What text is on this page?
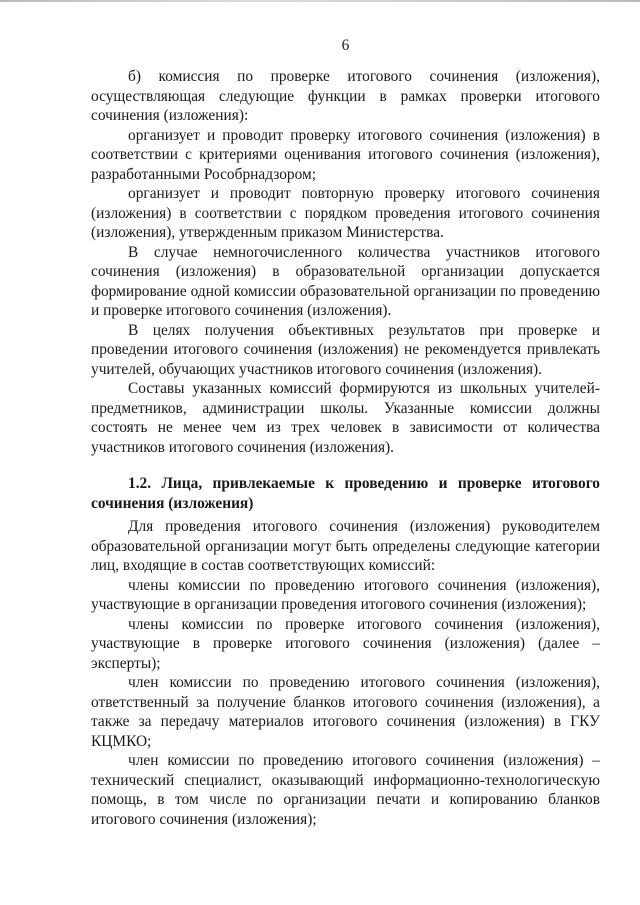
6

б) комиссия по проверке итогового сочинения (изложения), осуществляющая следующие функции в рамках проверки итогового сочинения (изложения):

организует и проводит проверку итогового сочинения (изложения) в соответствии с критериями оценивания итогового сочинения (изложения), разработанными Рособрнадзором;

организует и проводит повторную проверку итогового сочинения (изложения) в соответствии с порядком проведения итогового сочинения (изложения), утвержденным приказом Министерства.

В случае немногочисленного количества участников итогового сочинения (изложения) в образовательной организации допускается формирование одной комиссии образовательной организации по проведению и проверке итогового сочинения (изложения).

В целях получения объективных результатов при проверке и проведении итогового сочинения (изложения) не рекомендуется привлекать учителей, обучающих участников итогового сочинения (изложения).

Составы указанных комиссий формируются из школьных учителей-предметников, администрации школы. Указанные комиссии должны состоять не менее чем из трех человек в зависимости от количества участников итогового сочинения (изложения).

1.2. Лица, привлекаемые к проведению и проверке итогового сочинения (изложения)

Для проведения итогового сочинения (изложения) руководителем образовательной организации могут быть определены следующие категории лиц, входящие в состав соответствующих комиссий:

члены комиссии по проведению итогового сочинения (изложения), участвующие в организации проведения итогового сочинения (изложения);

члены комиссии по проверке итогового сочинения (изложения), участвующие в проверке итогового сочинения (изложения) (далее – эксперты);

член комиссии по проведению итогового сочинения (изложения), ответственный за получение бланков итогового сочинения (изложения), а также за передачу материалов итогового сочинения (изложения) в ГКУ КЦМКО;

член комиссии по проведению итогового сочинения (изложения) – технический специалист, оказывающий информационно-технологическую помощь, в том числе по организации печати и копированию бланков итогового сочинения (изложения);
